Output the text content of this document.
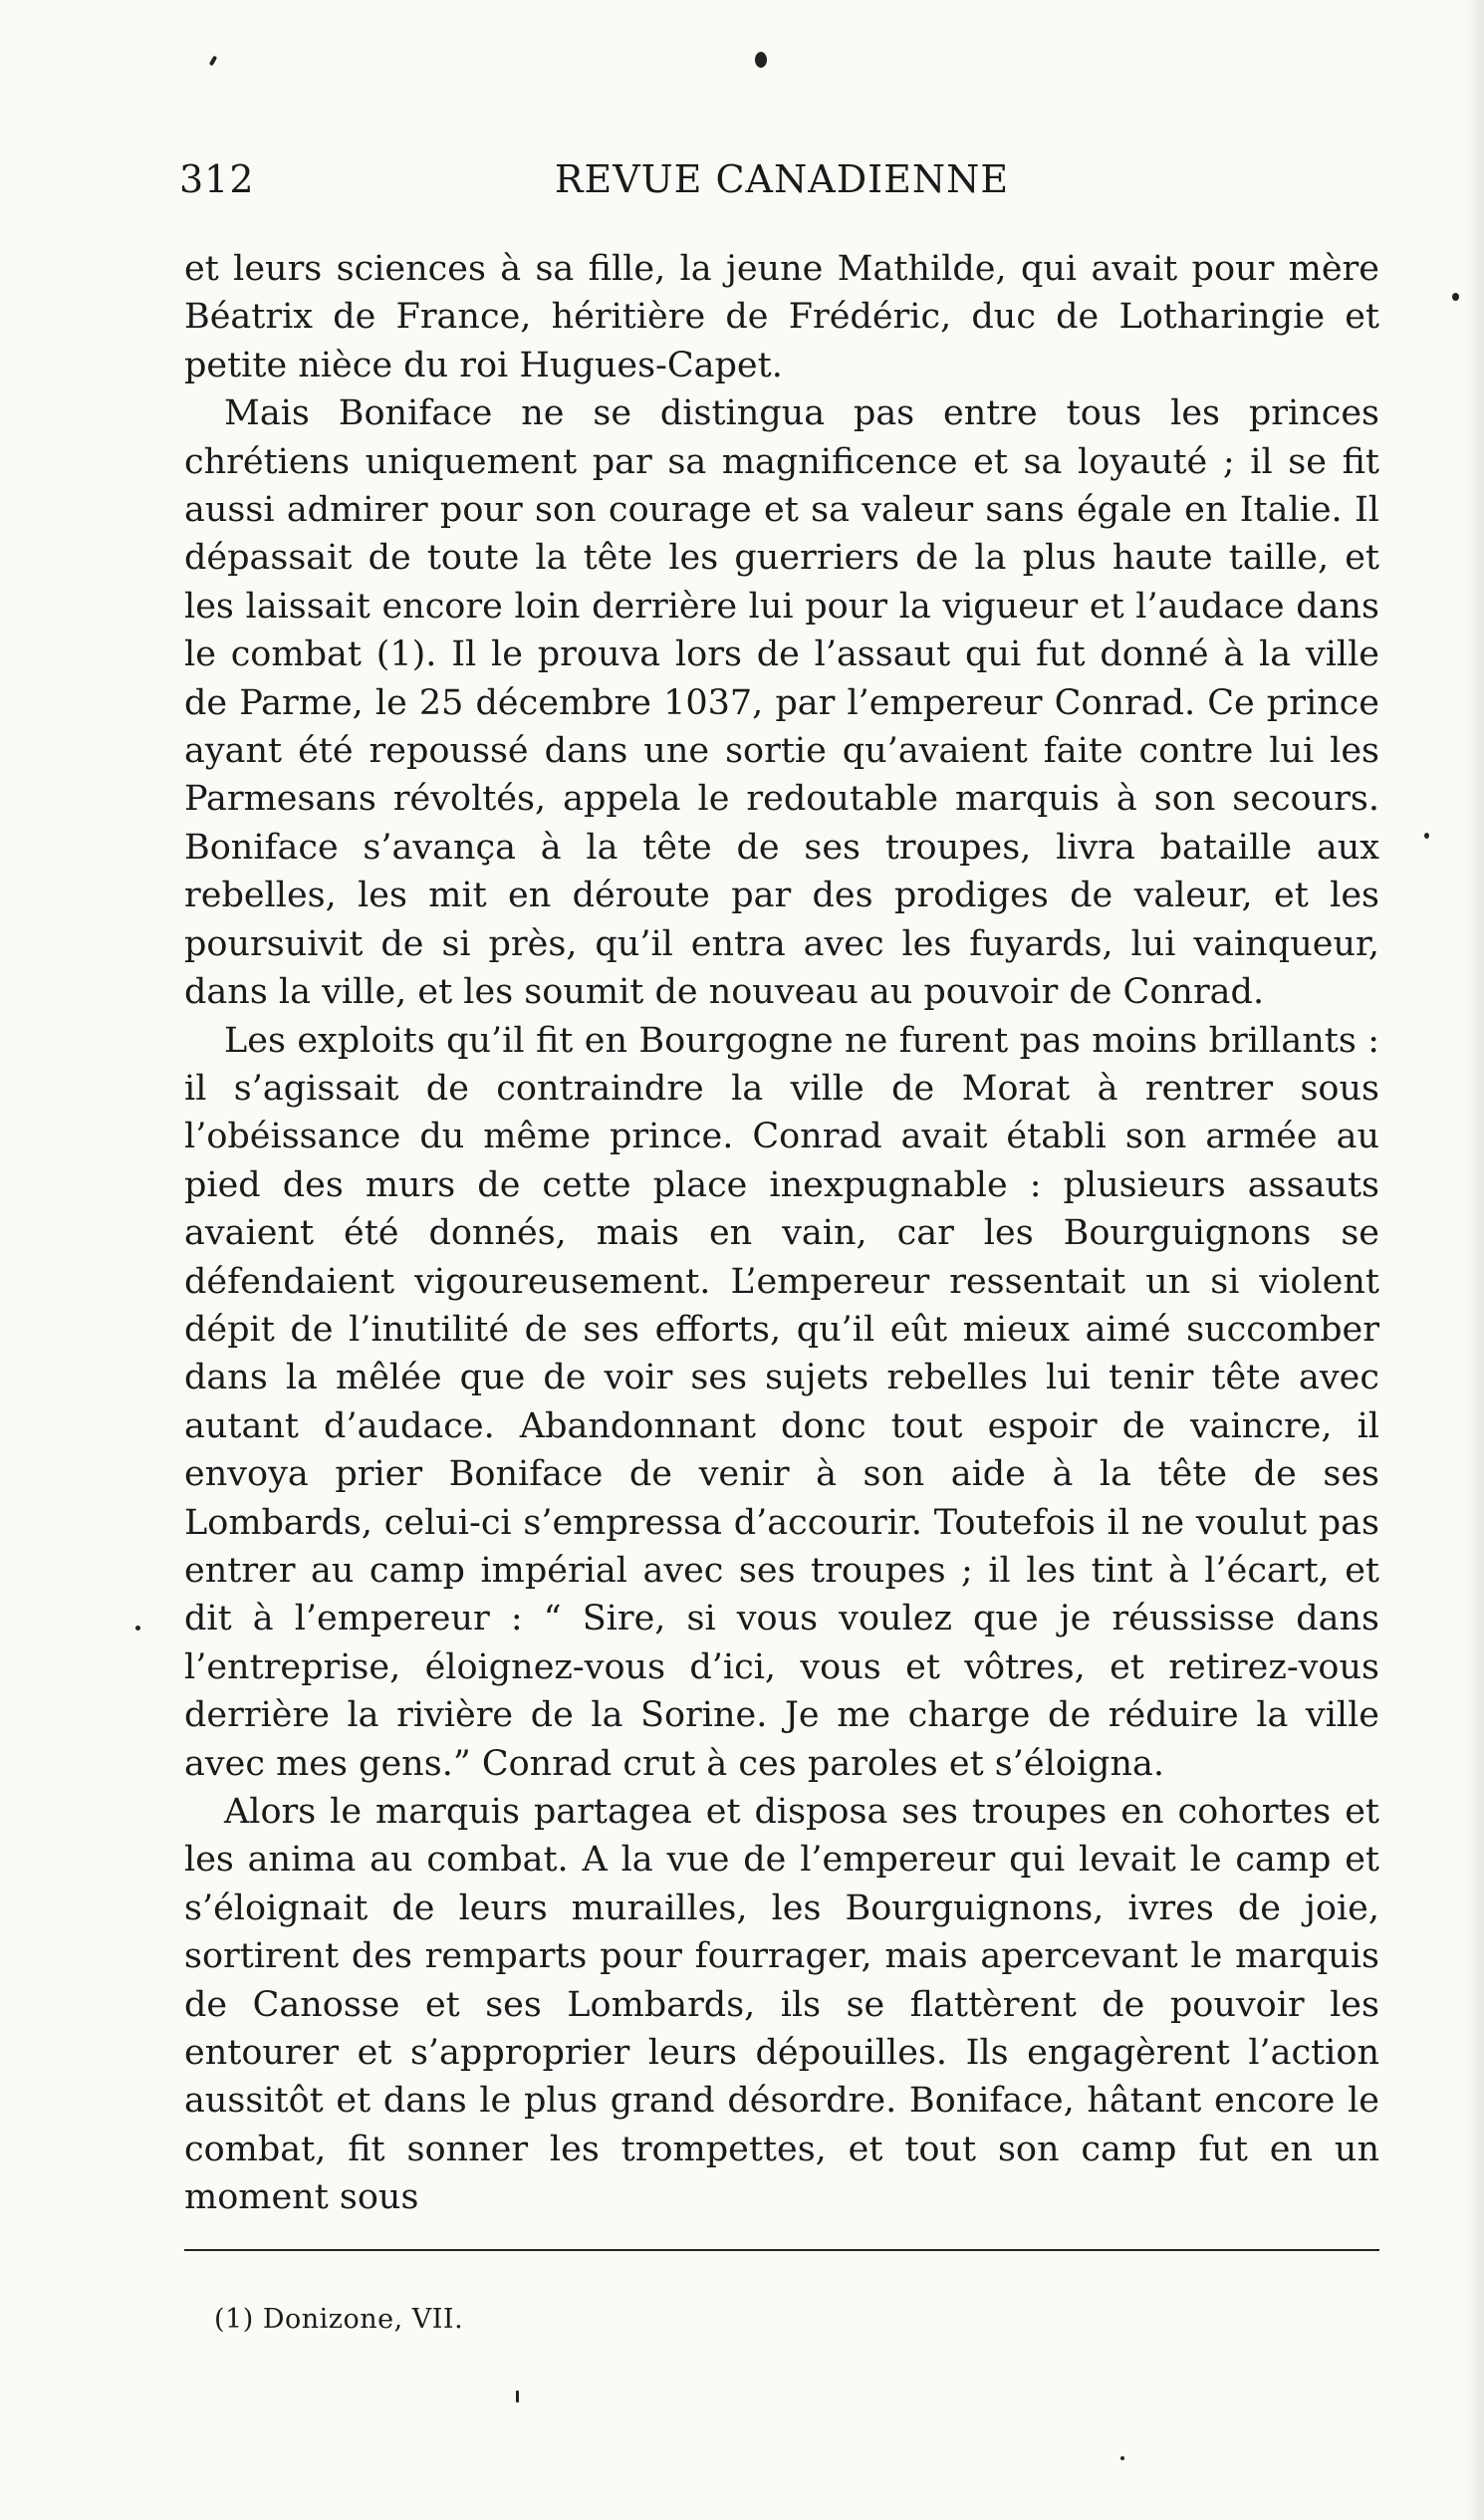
312	REVUE CANADIENNE

et leurs sciences à sa fille, la jeune Mathilde, qui avait pour mère Béatrix de France, héritière de Frédéric, duc de Lotharingie et petite nièce du roi Hugues-Capet.

Mais Boniface ne se distingua pas entre tous les princes chrétiens uniquement par sa magnificence et sa loyauté ; il se fit aussi admirer pour son courage et sa valeur sans égale en Italie. Il dépassait de toute la tête les guerriers de la plus haute taille, et les laissait encore loin derrière lui pour la vigueur et l’audace dans le combat (1). Il le prouva lors de l’assaut qui fut donné à la ville de Parme, le 25 décembre 1037, par l’empereur Conrad. Ce prince ayant été repoussé dans une sortie qu’avaient faite contre lui les Parmesans révoltés, appela le redoutable marquis à son secours. Boniface s’avança à la tête de ses troupes, livra bataille aux rebelles, les mit en déroute par des prodiges de valeur, et les poursuivit de si près, qu’il entra avec les fuyards, lui vainqueur, dans la ville, et les soumit de nouveau au pouvoir de Conrad.

Les exploits qu’il fit en Bourgogne ne furent pas moins brillants : il s’agissait de contraindre la ville de Morat à rentrer sous l’obéissance du même prince. Conrad avait établi son armée au pied des murs de cette place inexpugnable : plusieurs assauts avaient été donnés, mais en vain, car les Bourguignons se défendaient vigoureusement. L’empereur ressentait un si violent dépit de l’inutilité de ses efforts, qu’il eût mieux aimé succomber dans la mêlée que de voir ses sujets rebelles lui tenir tête avec autant d’audace. Abandonnant donc tout espoir de vaincre, il envoya prier Boniface de venir à son aide à la tête de ses Lombards, celui-ci s’empressa d’accourir. Toutefois il ne voulut pas entrer au camp impérial avec ses troupes ; il les tint à l’écart, et dit à l’empereur : “ Sire, si vous voulez que je réussisse dans l’entreprise, éloignez-vous d’ici, vous et vôtres, et retirez-vous derrière la rivière de la Sorine. Je me charge de réduire la ville avec mes gens.” Conrad crut à ces paroles et s’éloigna.

Alors le marquis partagea et disposa ses troupes en cohortes et les anima au combat. A la vue de l’empereur qui levait le camp et s’éloignait de leurs murailles, les Bourguignons, ivres de joie, sortirent des remparts pour fourrager, mais apercevant le marquis de Canosse et ses Lombards, ils se flattèrent de pouvoir les entourer et s’approprier leurs dépouilles. Ils engagèrent l’action aussitôt et dans le plus grand désordre. Boniface, hâtant encore le combat, fit sonner les trompettes, et tout son camp fut en un moment sous

(1) Donizone, VII.
